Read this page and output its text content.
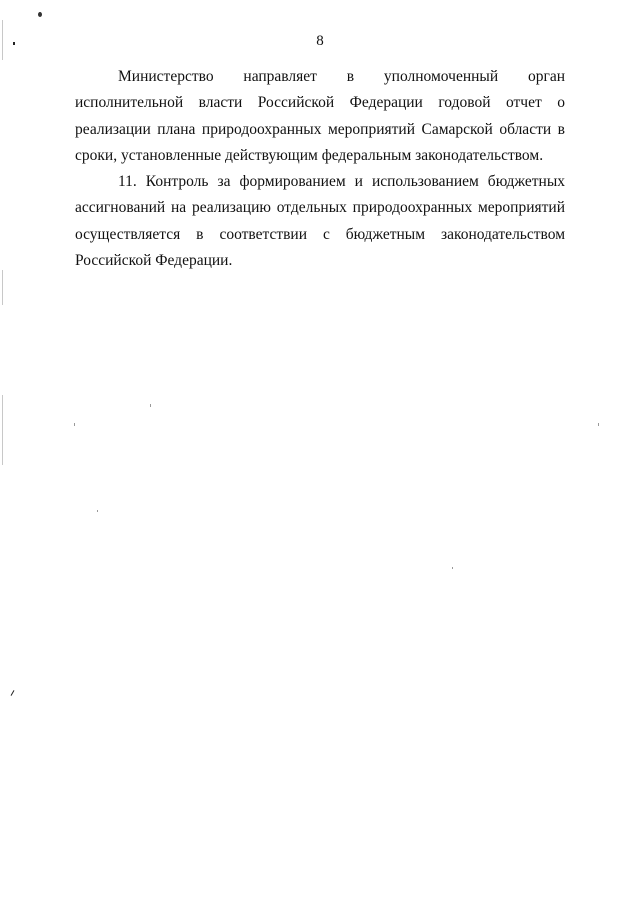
8

Министерство направляет в уполномоченный орган исполнительной власти Российской Федерации годовой отчет о реализации плана природоохранных мероприятий Самарской области в сроки, установленные действующим федеральным законодательством.

11. Контроль за формированием и использованием бюджетных ассигнований на реализацию отдельных природоохранных мероприятий осуществляется в соответствии с бюджетным законодательством Российской Федерации.
